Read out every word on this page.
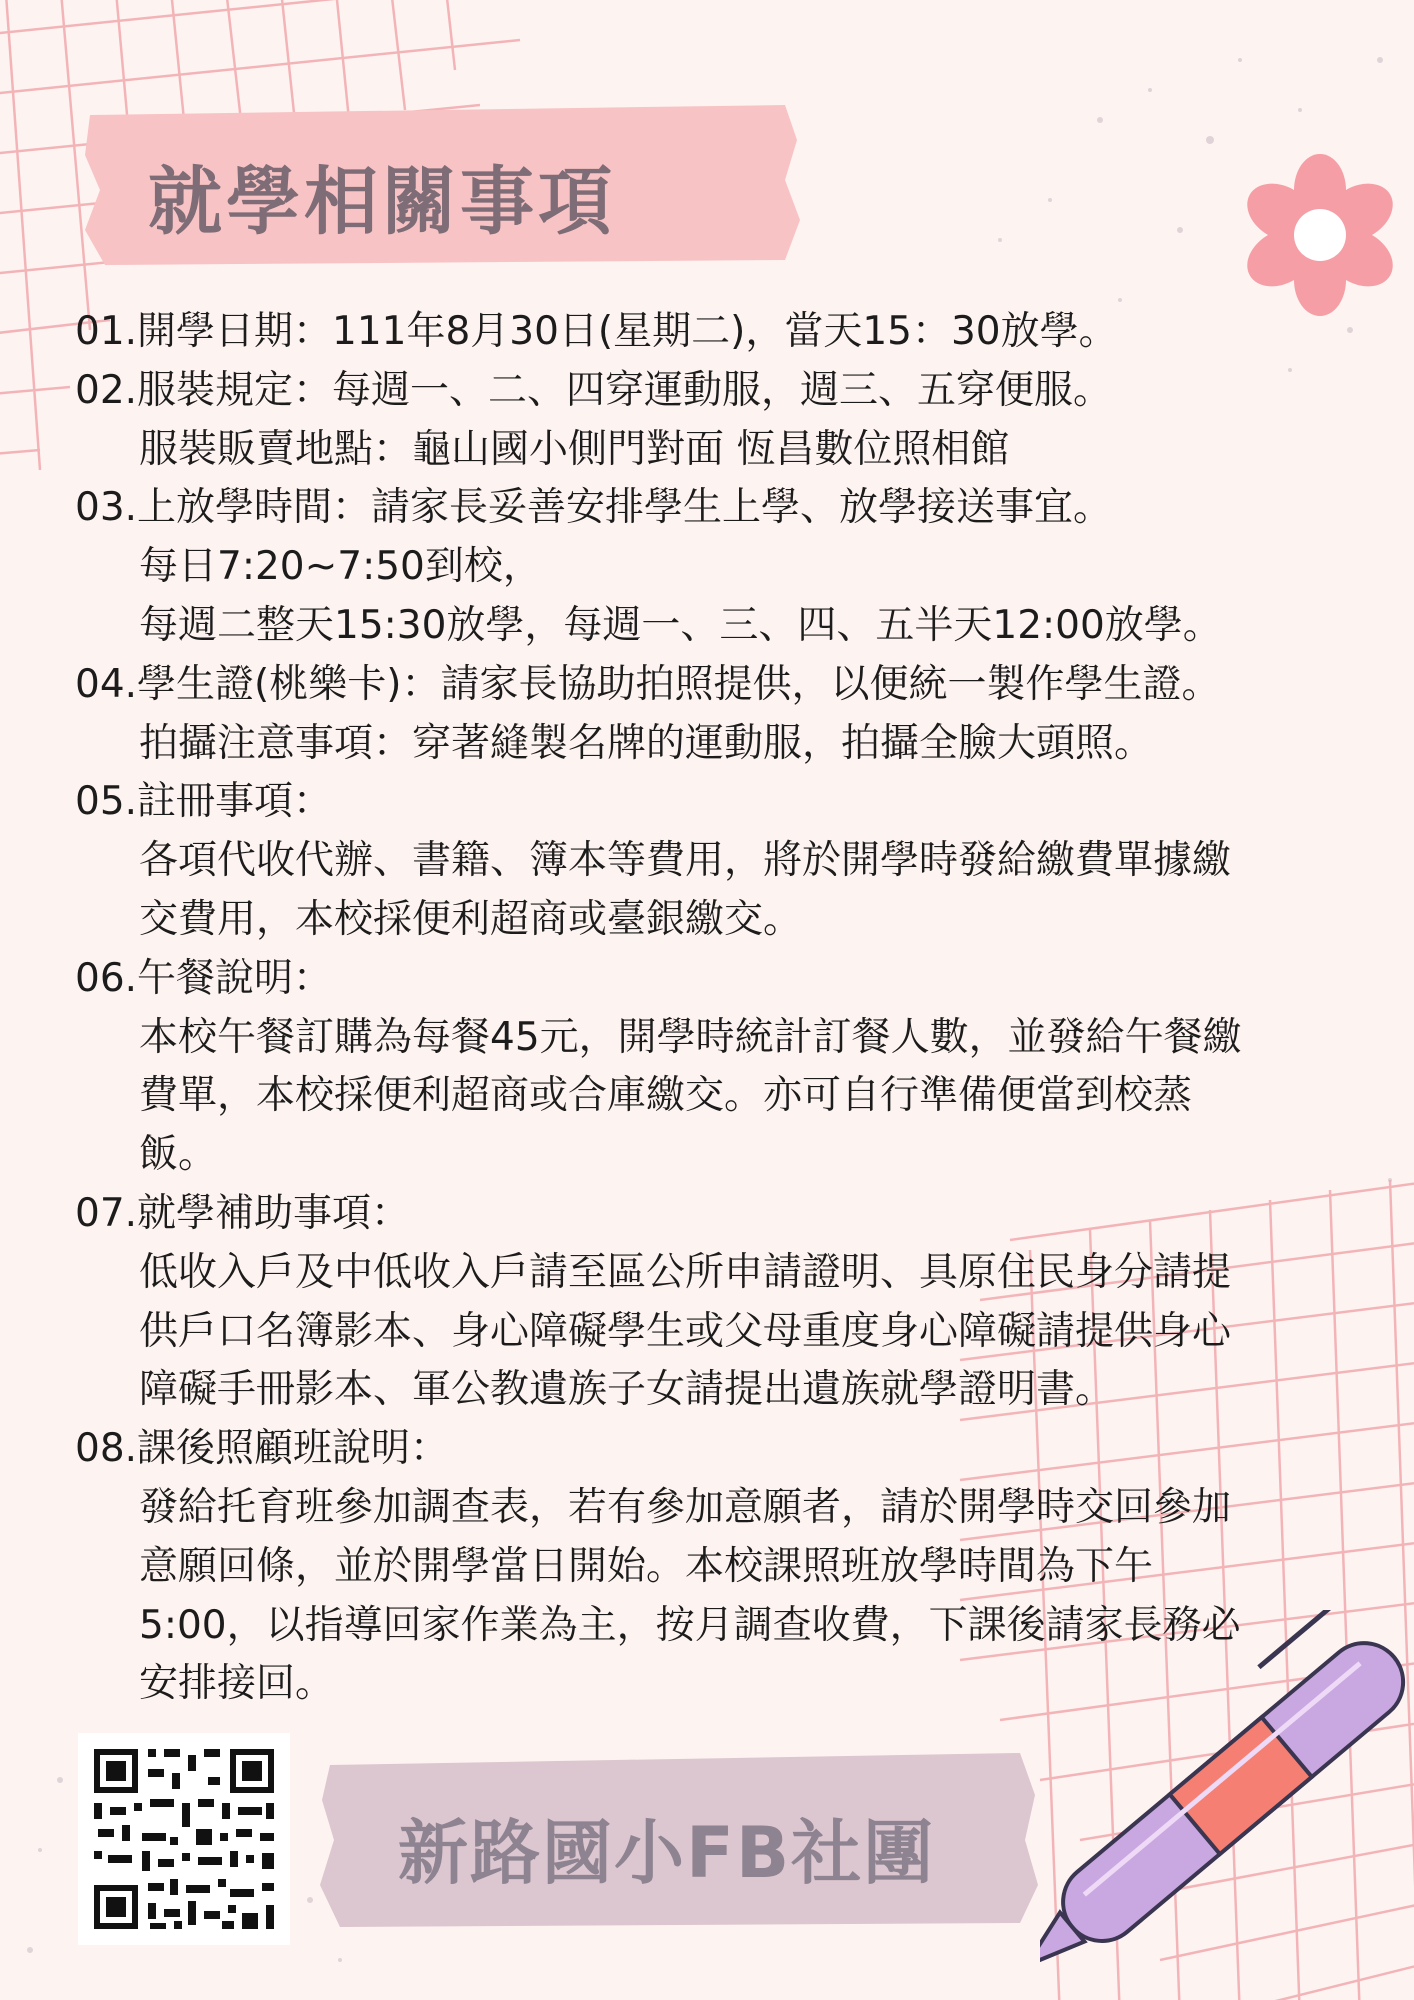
就學相關事項
01.開學日期：111年8月30日(星期二)，當天15：30放學。
02.服裝規定：每週一、二、四穿運動服，週三、五穿便服。
服裝販賣地點：龜山國小側門對面 恆昌數位照相館
03.上放學時間：請家長妥善安排學生上學、放學接送事宜。
每日7:20~7:50到校，
每週二整天15:30放學，每週一、三、四、五半天12:00放學。
04.學生證(桃樂卡)：請家長協助拍照提供，以便統一製作學生證。
拍攝注意事項：穿著縫製名牌的運動服，拍攝全臉大頭照。
05.註冊事項：
各項代收代辦、書籍、簿本等費用，將於開學時發給繳費單據繳
交費用，本校採便利超商或臺銀繳交。
06.午餐說明：
本校午餐訂購為每餐45元，開學時統計訂餐人數，並發給午餐繳
費單，本校採便利超商或合庫繳交。亦可自行準備便當到校蒸
飯。
07.就學補助事項：
低收入戶及中低收入戶請至區公所申請證明、具原住民身分請提
供戶口名簿影本、身心障礙學生或父母重度身心障礙請提供身心
障礙手冊影本、軍公教遺族子女請提出遺族就學證明書。
08.課後照顧班說明：
發給托育班參加調查表，若有參加意願者，請於開學時交回參加
意願回條，並於開學當日開始。本校課照班放學時間為下午
5:00，以指導回家作業為主，按月調查收費，下課後請家長務必
安排接回。
新路國小FB社團
